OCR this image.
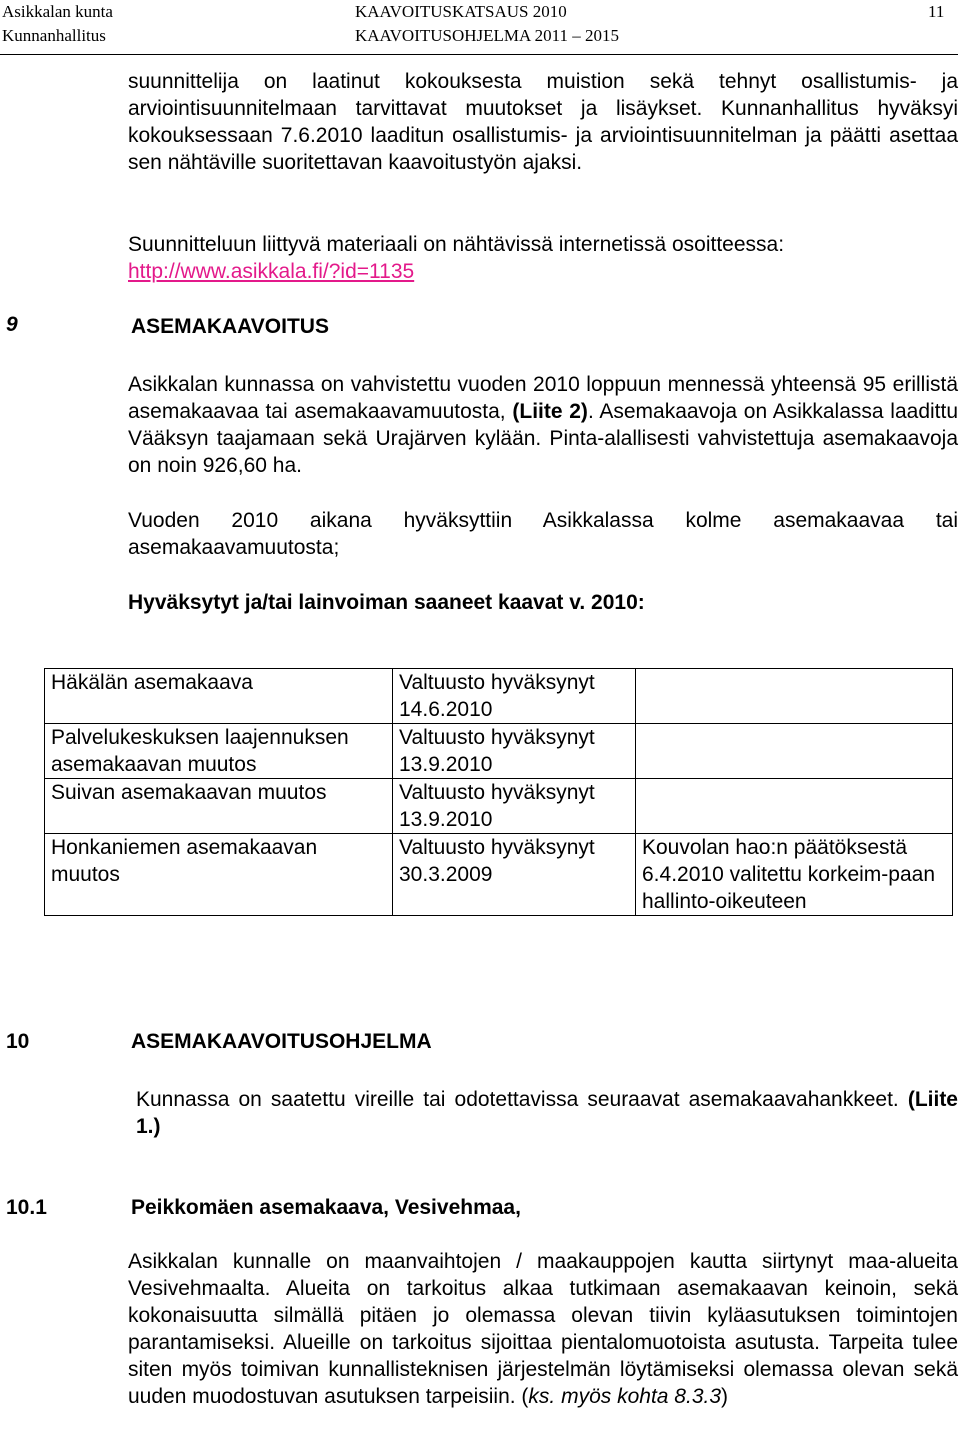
Asikkalan kunta
Kunnanhallitus
KAAVOITUSKATSAUS 2010
KAAVOITUSOHJELMA 2011 – 2015
11
suunnittelija on laatinut kokouksesta muistion sekä tehnyt osallistumis- ja arviointisuunnitelmaan tarvittavat muutokset ja lisäykset. Kunnanhallitus hyväksyi kokouksessaan 7.6.2010 laaditun osallistumis- ja arviointisuunnitelman ja päätti asettaa sen nähtäville suoritettavan kaavoitustyön ajaksi.
Suunnitteluun liittyvä materiaali on nähtävissä internetissä osoitteessa:
http://www.asikkala.fi/?id=1135
9	ASEMAKAAVOITUS
Asikkalan kunnassa on vahvistettu vuoden 2010 loppuun mennessä yhteensä 95 erillistä asemakaavaa tai asemakaavamuutosta, (Liite 2). Asemakaavoja on Asikkalassa laadittu Vääksyn taajamaan sekä Urajärven kylään. Pinta-alallisesti vahvistettuja asemakaavoja on noin 926,60 ha.
Vuoden 2010 aikana hyväksyttiin Asikkalassa kolme asemakaavaa tai asemakaavamuutosta;
Hyväksytyt ja/tai lainvoiman saaneet kaavat v. 2010:
Häkälän asemakaava	Valtuusto hyväksynyt 14.6.2010	
Palvelukeskuksen laajennuksen asemakaavan muutos	Valtuusto hyväksynyt 13.9.2010	
Suivan asemakaavan muutos	Valtuusto hyväksynyt 13.9.2010	
Honkaniemen asemakaavan muutos	Valtuusto hyväksynyt 30.3.2009	Kouvolan hao:n päätöksestä 6.4.2010 valitettu korkeim-paan hallinto-oikeuteen
10	ASEMAKAAVOITUSOHJELMA
Kunnassa on saatettu vireille tai odotettavissa seuraavat asemakaavahankkeet. (Liite 1.)
10.1	Peikkomäen asemakaava, Vesivehmaa,
Asikkalan kunnalle on maanvaihtojen / maakauppojen kautta siirtynyt maa-alueita Vesivehmaalta. Alueita on tarkoitus alkaa tutkimaan asemakaavan keinoin, sekä kokonaisuutta silmällä pitäen jo olemassa olevan tiivin kyläasutuksen toimintojen parantamiseksi. Alueille on tarkoitus sijoittaa pientalomuotoista asutusta. Tarpeita tulee siten myös toimivan kunnallisteknisen järjestelmän löytämiseksi olemassa olevan sekä uuden muodostuvan asutuksen tarpeisiin. (ks. myös kohta 8.3.3)
